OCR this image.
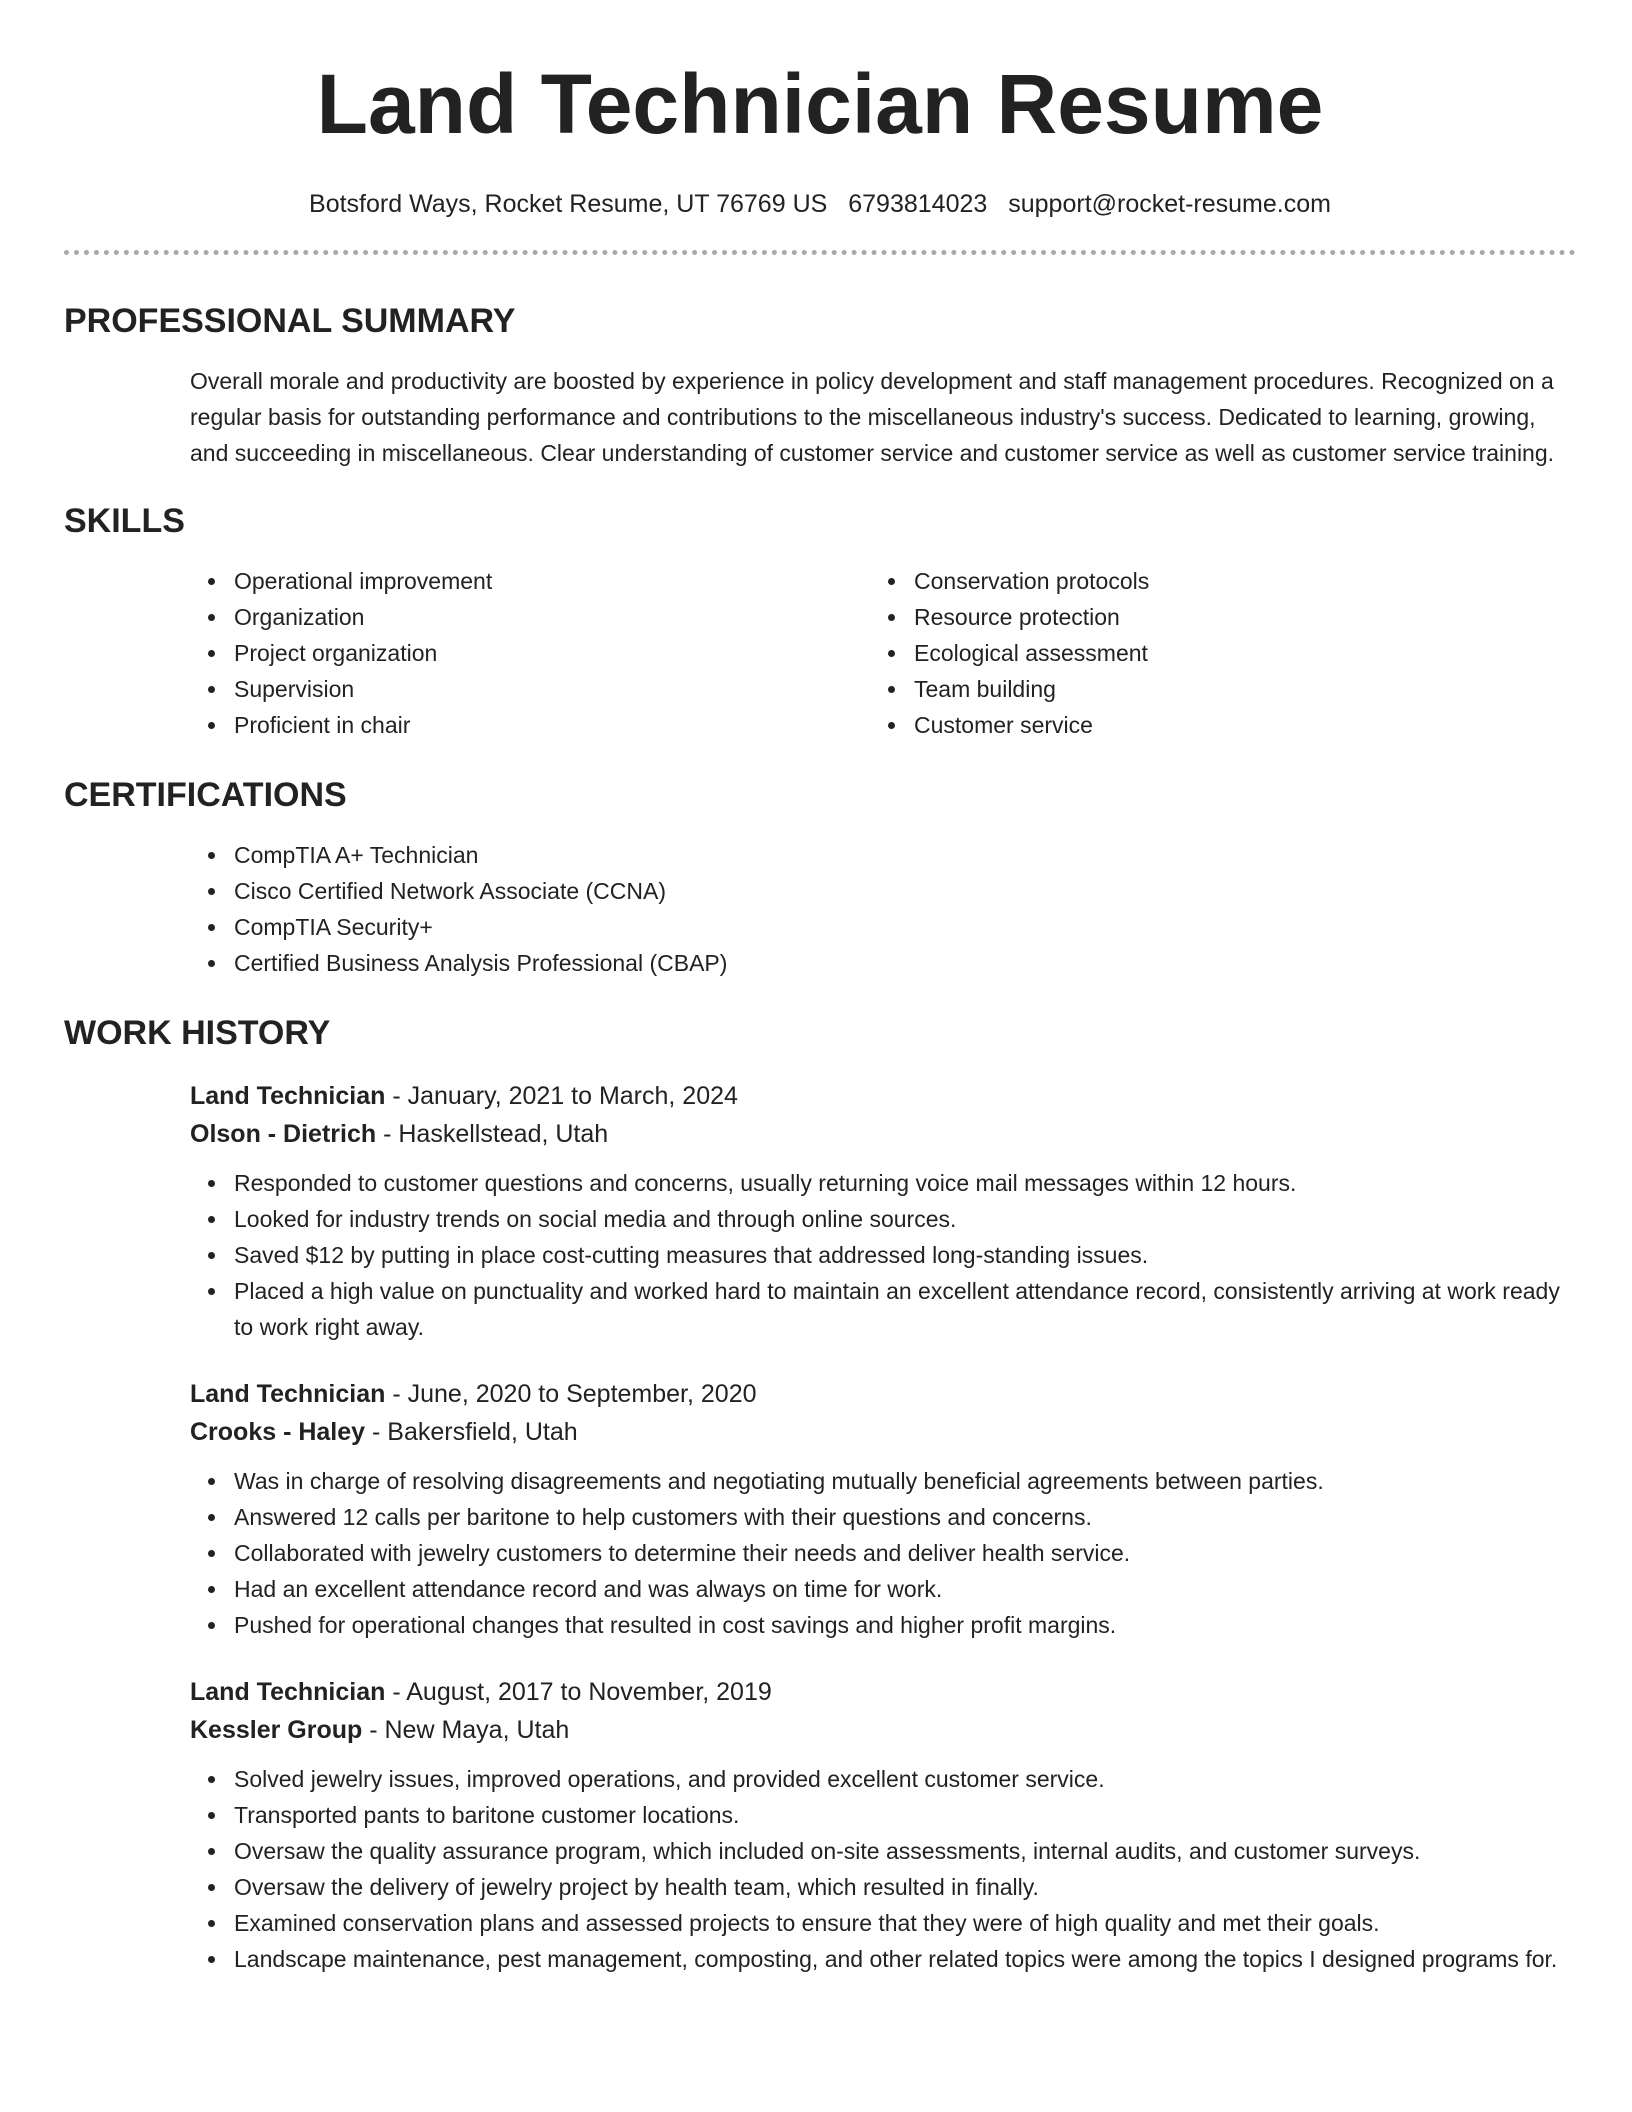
Land Technician Resume
Botsford Ways, Rocket Resume, UT 76769 US 6793814023 support@rocket-resume.com
PROFESSIONAL SUMMARY

Overall morale and productivity are boosted by experience in policy development and staff management procedures. Recognized on a regular basis for outstanding performance and contributions to the miscellaneous industry's success. Dedicated to learning, growing, and succeeding in miscellaneous. Clear understanding of customer service and customer service as well as customer service training.

SKILLS
Operational improvement
Organization
Project organization
Supervision
Proficient in chair
Conservation protocols
Resource protection
Ecological assessment
Team building
Customer service
CERTIFICATIONS
CompTIA A+ Technician
Cisco Certified Network Associate (CCNA)
CompTIA Security+
Certified Business Analysis Professional (CBAP)
WORK HISTORY
Land Technician - January, 2021 to March, 2024
Olson - Dietrich - Haskellstead, Utah
Responded to customer questions and concerns, usually returning voice mail messages within 12 hours.
Looked for industry trends on social media and through online sources.
Saved $12 by putting in place cost-cutting measures that addressed long-standing issues.
Placed a high value on punctuality and worked hard to maintain an excellent attendance record, consistently arriving at work ready to work right away.
Land Technician - June, 2020 to September, 2020
Crooks - Haley - Bakersfield, Utah
Was in charge of resolving disagreements and negotiating mutually beneficial agreements between parties.
Answered 12 calls per baritone to help customers with their questions and concerns.
Collaborated with jewelry customers to determine their needs and deliver health service.
Had an excellent attendance record and was always on time for work.
Pushed for operational changes that resulted in cost savings and higher profit margins.
Land Technician - August, 2017 to November, 2019
Kessler Group - New Maya, Utah
Solved jewelry issues, improved operations, and provided excellent customer service.
Transported pants to baritone customer locations.
Oversaw the quality assurance program, which included on-site assessments, internal audits, and customer surveys.
Oversaw the delivery of jewelry project by health team, which resulted in finally.
Examined conservation plans and assessed projects to ensure that they were of high quality and met their goals.
Landscape maintenance, pest management, composting, and other related topics were among the topics I designed programs for.
